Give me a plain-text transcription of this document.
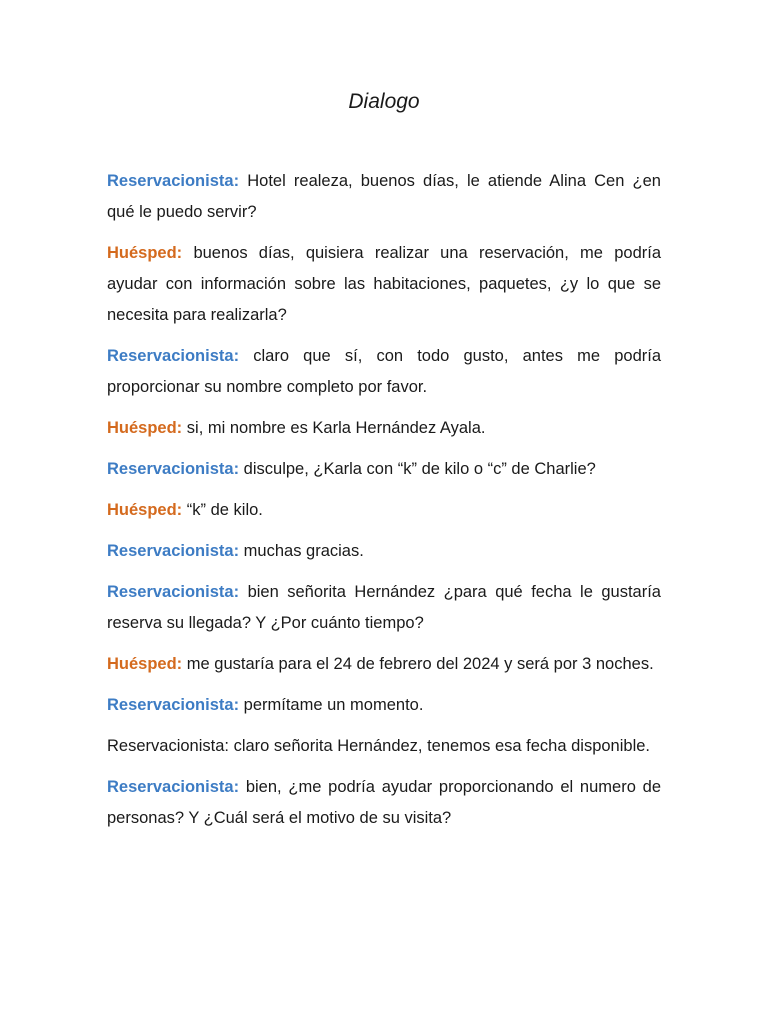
Dialogo

Reservacionista: Hotel realeza, buenos días, le atiende Alina Cen ¿en qué le puedo servir?

Huésped: buenos días, quisiera realizar una reservación, me podría ayudar con información sobre las habitaciones, paquetes, ¿y lo que se necesita para realizarla?

Reservacionista: claro que sí, con todo gusto, antes me podría proporcionar su nombre completo por favor.

Huésped: si, mi nombre es Karla Hernández Ayala.

Reservacionista: disculpe, ¿Karla con “k” de kilo o “c” de Charlie?

Huésped: “k” de kilo.

Reservacionista: muchas gracias.

Reservacionista: bien señorita Hernández ¿para qué fecha le gustaría reserva su llegada? Y ¿Por cuánto tiempo?

Huésped: me gustaría para el 24 de febrero del 2024 y será por 3 noches.

Reservacionista: permítame un momento.

Reservacionista: claro señorita Hernández, tenemos esa fecha disponible.

Reservacionista: bien, ¿me podría ayudar proporcionando el numero de personas? Y ¿Cuál será el motivo de su visita?
